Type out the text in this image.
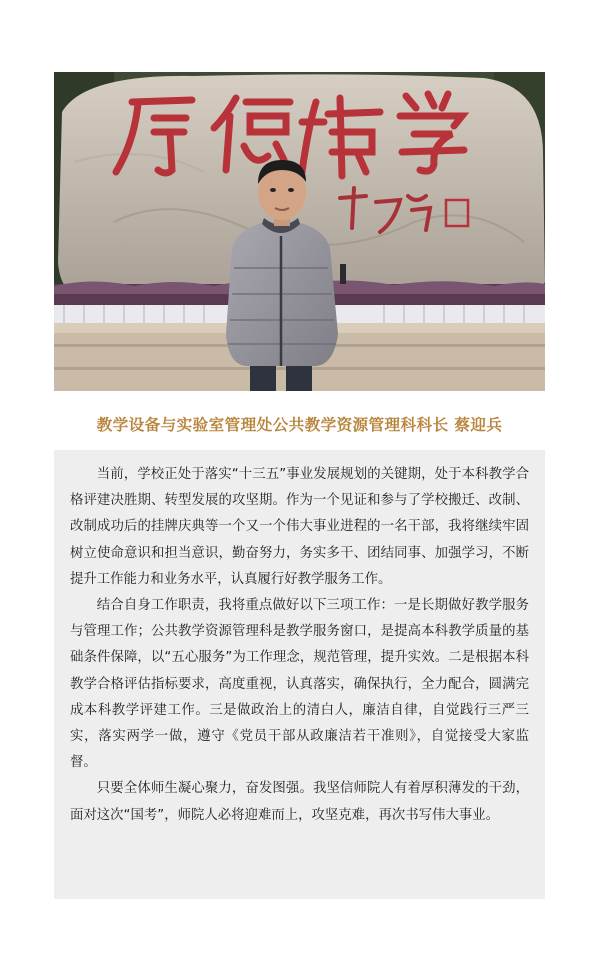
教学设备与实验室管理处公共教学资源管理科科长 蔡迎兵

当前，学校正处于落实“十三五”事业发展规划的关键期，处于本科教学合格评建决胜期、转型发展的攻坚期。作为一个见证和参与了学校搬迁、改制、改制成功后的挂牌庆典等一个又一个伟大事业进程的一名干部，我将继续牢固树立使命意识和担当意识，勤奋努力，务实多干、团结同事、加强学习，不断提升工作能力和业务水平，认真履行好教学服务工作。

结合自身工作职责，我将重点做好以下三项工作：一是长期做好教学服务与管理工作；公共教学资源管理科是教学服务窗口，是提高本科教学质量的基础条件保障，以“五心服务”为工作理念，规范管理，提升实效。二是根据本科教学合格评估指标要求，高度重视，认真落实，确保执行，全力配合，圆满完成本科教学评建工作。三是做政治上的清白人，廉洁自律，自觉践行三严三实，落实两学一做，遵守《党员干部从政廉洁若干准则》，自觉接受大家监督。

只要全体师生凝心聚力，奋发图强。我坚信师院人有着厚积薄发的干劲，面对这次“国考”，师院人必将迎难而上，攻坚克难，再次书写伟大事业。
